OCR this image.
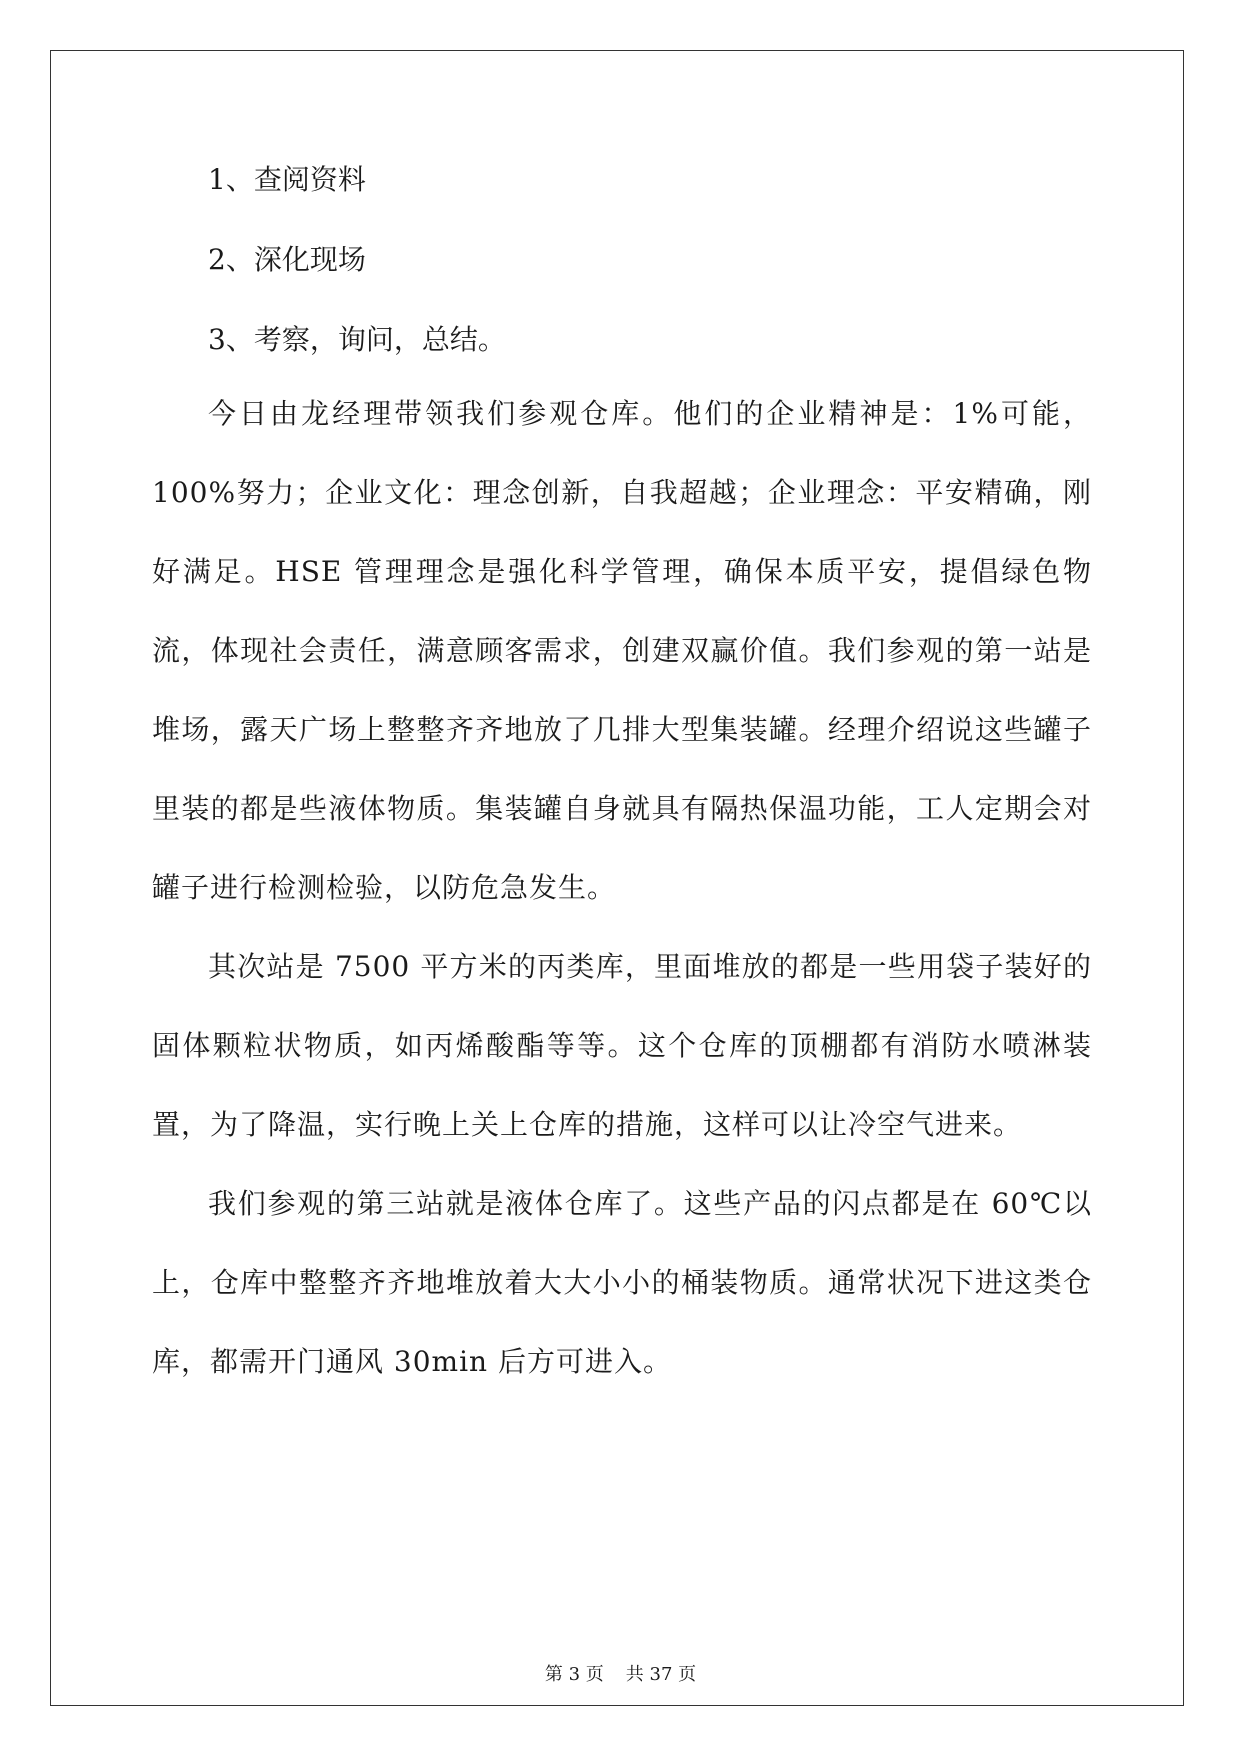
1、查阅资料
2、深化现场
3、考察，询问，总结。

今日由龙经理带领我们参观仓库。他们的企业精神是：1%可能，100%努力；企业文化：理念创新，自我超越；企业理念：平安精确，刚好满足。HSE 管理理念是强化科学管理，确保本质平安，提倡绿色物流，体现社会责任，满意顾客需求，创建双赢价值。我们参观的第一站是堆场，露天广场上整整齐齐地放了几排大型集装罐。经理介绍说这些罐子里装的都是些液体物质。集装罐自身就具有隔热保温功能，工人定期会对罐子进行检测检验，以防危急发生。

其次站是 7500 平方米的丙类库，里面堆放的都是一些用袋子装好的固体颗粒状物质，如丙烯酸酯等等。这个仓库的顶棚都有消防水喷淋装置，为了降温，实行晚上关上仓库的措施，这样可以让冷空气进来。

我们参观的第三站就是液体仓库了。这些产品的闪点都是在 60℃以上，仓库中整整齐齐地堆放着大大小小的桶装物质。通常状况下进这类仓库，都需开门通风 30min 后方可进入。

第 3 页 共 37 页
